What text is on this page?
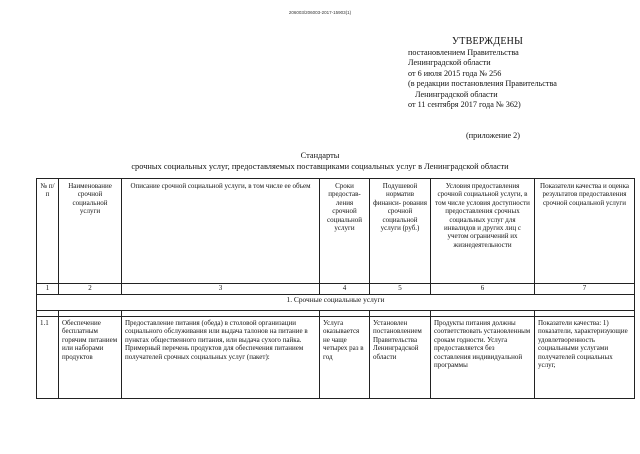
206003/206003-2017-15903(1)
УТВЕРЖДЕНЫ
постановлением Правительства
Ленинградской области
от 6 июля 2015 года № 256
(в редакции постановления Правительства
Ленинградской области
от 11 сентября 2017 года № 362)
(приложение 2)
Стандарты
срочных социальных услуг, предоставляемых поставщиками социальных услуг в Ленинградской области
№ п/п	Наименование срочной социальной услуги	Описание срочной социальной услуги, в том числе ее объем	Сроки предостав- ления срочной социальной услуги	Подушевой норматив финанси- рования срочной социальной услуги (руб.)	Условия предоставления срочной социальной услуги, в том числе условия доступности предоставления срочных социальных услуг для инвалидов и других лиц с учетом ограничений их жизнедеятельности	Показатели качества и оценка результатов предоставления срочной социальной услуги
1	2	3	4	5	6	7
1. Срочные социальные услуги						

1.1	Обеспечение бесплатным горячим питанием или наборами продуктов	Предоставление питания (обеда) в столовой организации социального обслуживания или выдача талонов на питание в пунктах общественного питания, или выдача сухого пайка. Примерный перечень продуктов для обеспечения питанием получателей срочных социальных услуг (пакет):	Услуга оказывается не чаще четырех раз в год	Установлен постановлением Правительства Ленинградской области	Продукты питания должны соответствовать установленным срокам годности. Услуга предоставляется без составления индивидуальной программы	Показатели качества: 1) показатели, характеризующие удовлетворенность социальными услугами получателей социальных услуг,
